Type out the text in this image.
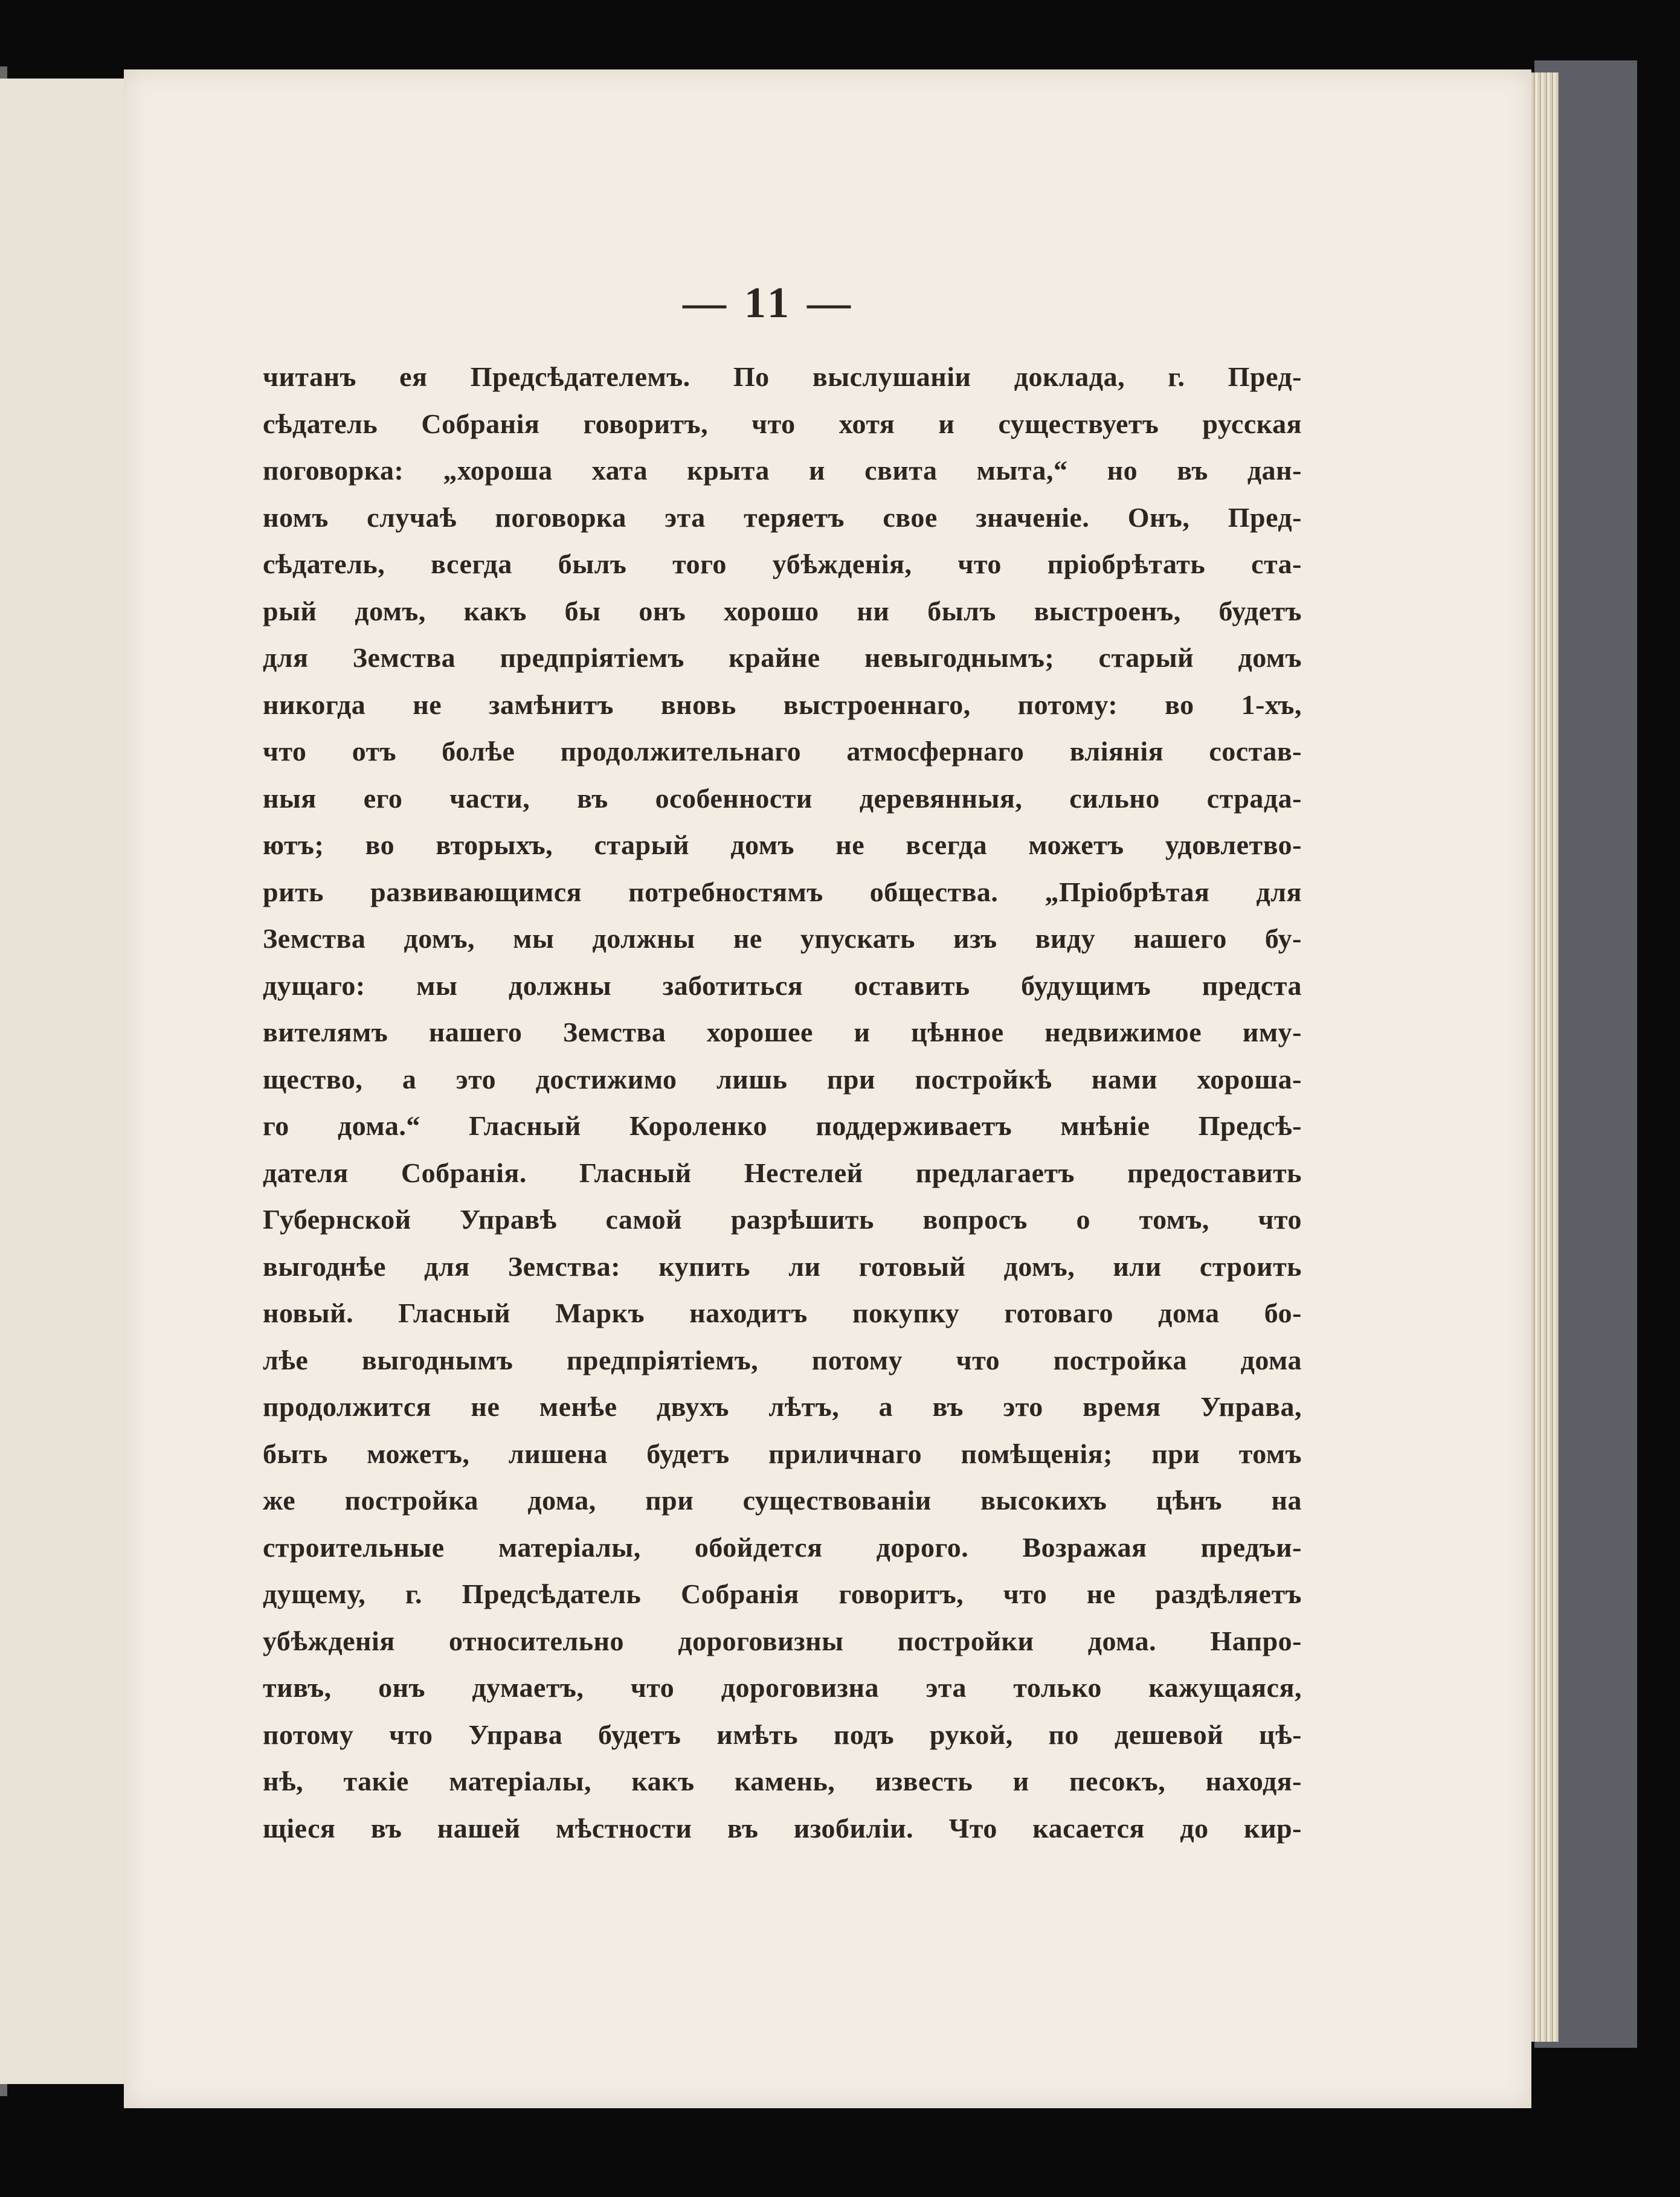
— 11 —
читанъ ея Предсѣдателемъ. По выслушаніи доклада, г. Пред-
сѣдатель Собранія говоритъ, что хотя и существуетъ русская
поговорка: „хороша хата крыта и свита мыта,“ но въ дан-
номъ случаѣ поговорка эта теряетъ свое значеніе. Онъ, Пред-
сѣдатель, всегда былъ того убѣжденія, что пріобрѣтать ста-
рый домъ, какъ бы онъ хорошо ни былъ выстроенъ, будетъ
для Земства предпріятіемъ крайне невыгоднымъ; старый домъ
никогда не замѣнитъ вновь выстроеннаго, потому: во 1-хъ,
что отъ болѣе продолжительнаго атмосфернаго вліянія состав-
ныя его части, въ особенности деревянныя, сильно страда-
ютъ; во вторыхъ, старый домъ не всегда можетъ удовлетво-
рить развивающимся потребностямъ общества. „Пріобрѣтая для
Земства домъ, мы должны не упускать изъ виду нашего бу-
дущаго: мы должны заботиться оставить будущимъ предста
вителямъ нашего Земства хорошее и цѣнное недвижимое иму-
щество, а это достижимо лишь при постройкѣ нами хороша-
го дома.“ Гласный Короленко поддерживаетъ мнѣніе Предсѣ-
дателя Собранія. Гласный Нестелей предлагаетъ предоставить
Губернской Управѣ самой разрѣшить вопросъ о томъ, что
выгоднѣе для Земства: купить ли готовый домъ, или строить
новый. Гласный Маркъ находитъ покупку готоваго дома бо-
лѣе выгоднымъ предпріятіемъ, потому что постройка дома
продолжится не менѣе двухъ лѣтъ, а въ это время Управа,
быть можетъ, лишена будетъ приличнаго помѣщенія; при томъ
же постройка дома, при существованіи высокихъ цѣнъ на
строительные матеріалы, обойдется дорого. Возражая предъи-
дущему, г. Предсѣдатель Собранія говоритъ, что не раздѣляетъ
убѣжденія относительно дороговизны постройки дома. Напро-
тивъ, онъ думаетъ, что дороговизна эта только кажущаяся,
потому что Управа будетъ имѣть подъ рукой, по дешевой цѣ-
нѣ, такіе матеріалы, какъ камень, известь и песокъ, находя-
щіеся въ нашей мѣстности въ изобиліи. Что касается до кир-
